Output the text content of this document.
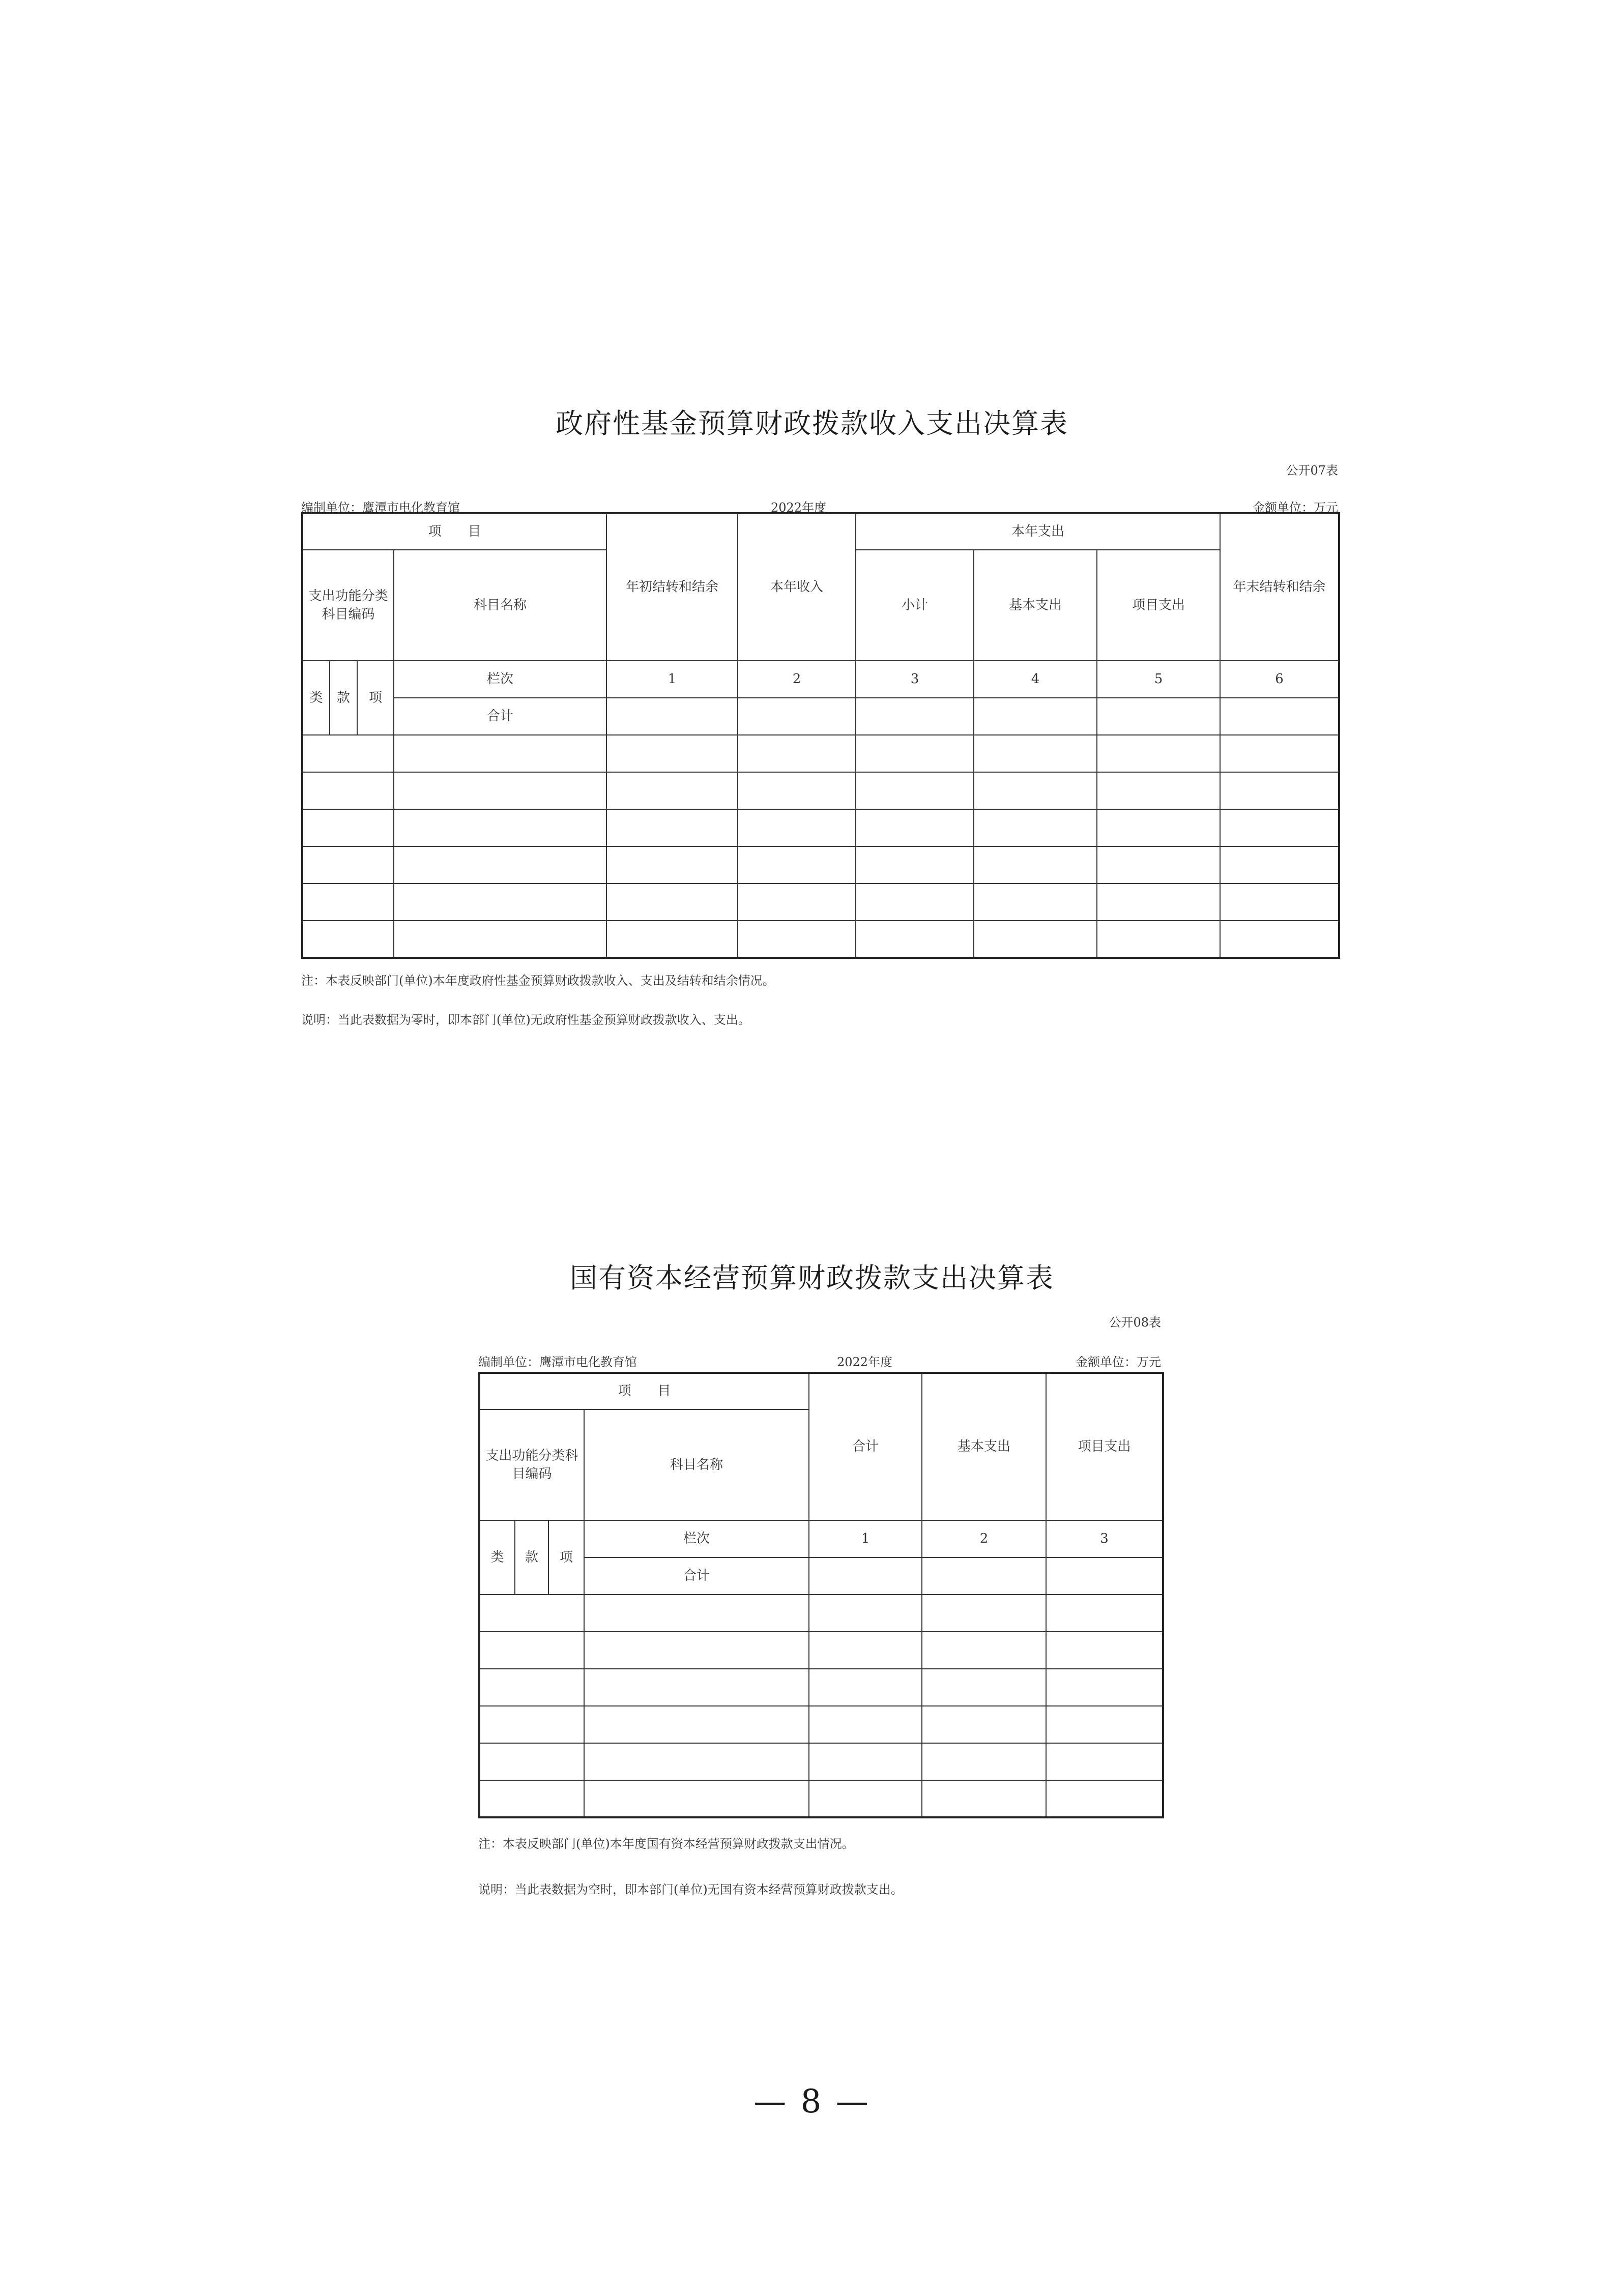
政府性基金预算财政拨款收入支出决算表
公开07表
编制单位：鹰潭市电化教育馆	2022年度	金额单位：万元
项　　目				年初结转和结余	本年收入	本年支出			年末结转和结余
支出功能分类科目编码			科目名称			小计	基本支出	项目支出	
类	款	项	栏次	1	2	3	4	5	6
			合计						

注：本表反映部门(单位)本年度政府性基金预算财政拨款收入、支出及结转和结余情况。
说明：当此表数据为零时，即本部门(单位)无政府性基金预算财政拨款收入、支出。
国有资本经营预算财政拨款支出决算表
公开08表
编制单位：鹰潭市电化教育馆	2022年度	金额单位：万元
项　　目				合计	基本支出	项目支出
支出功能分类科目编码			科目名称			
类	款	项	栏次	1	2	3
			合计			

注：本表反映部门(单位)本年度国有资本经营预算财政拨款支出情况。
说明：当此表数据为空时，即本部门(单位)无国有资本经营预算财政拨款支出。
— 8 —
